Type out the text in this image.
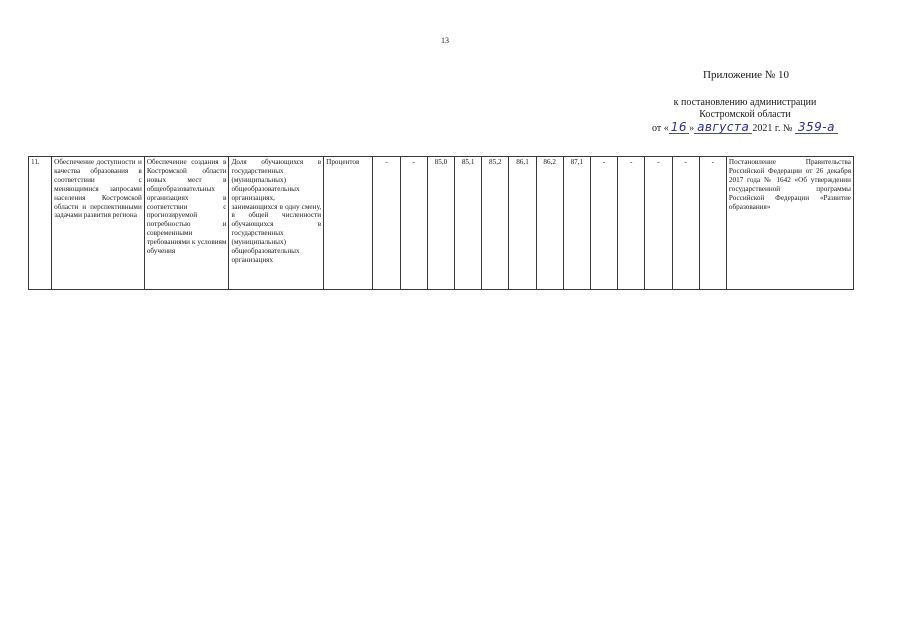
13
Приложение № 10
к постановлению администрации
Костромской области
от « 16 » августа 2021 г. № 359-а
11.	Обеспечение доступности и качества образования в соответствии с меняющимися запросами населения Костромской области и перспективными задачами развития региона	Обеспечение создания в Костромской области новых мест в общеобразовательных организациях в соответствии с прогнозируемой потребностью и современными требованиями к условиям обучения	Доля обучающихся в государственных (муниципальных) общеобразовательных организациях, занимающихся в одну смену, в общей численности обучающихся в государственных (муниципальных) общеобразовательных организациях	Процентов	-	-	85,0	85,1	85,2	86,1	86,2	87,1	-	-	-	-	-	Постановление Правительства Российской Федерации от 26 декабря 2017 года № 1642 «Об утверждении государственной программы Российской Федерации «Развитие образования»
